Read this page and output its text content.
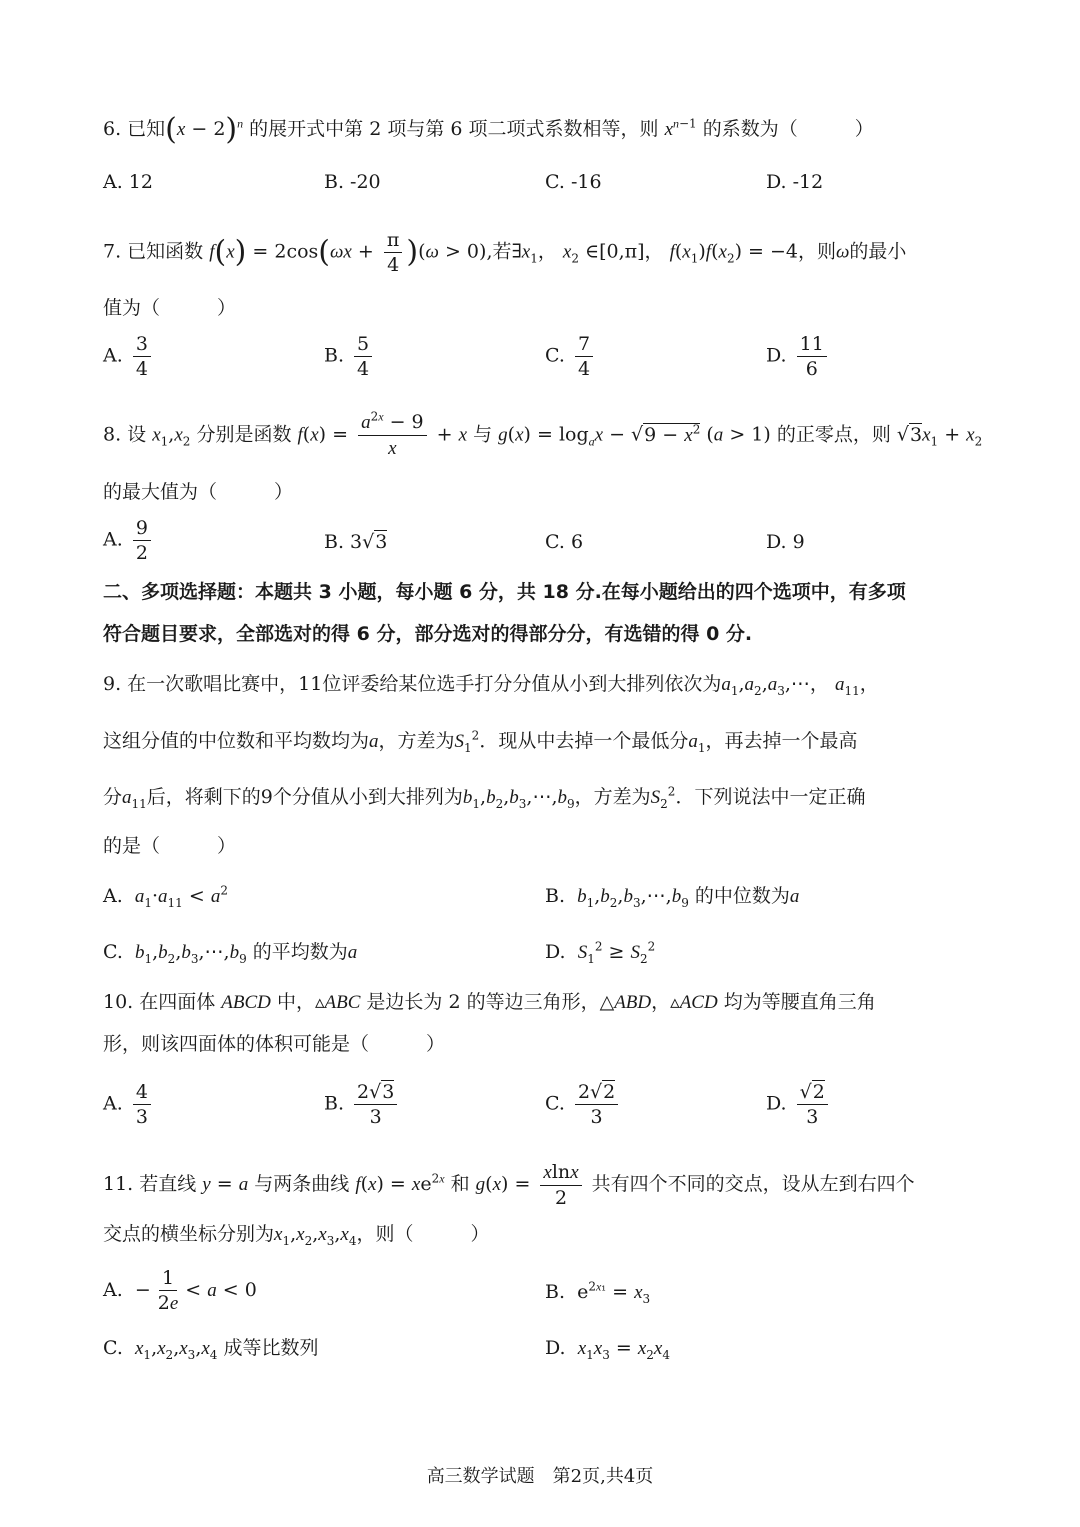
6. 已知$(x - 2)^n$ 的展开式中第 2 项与第 6 项二项式系数相等，则 $x^{n-1}$ 的系数为（　　　）
A. 12	B. -20	C. -16	D. -12
7. 已知函数 $f(x) = 2\cos(\omega x + \frac{\pi}{4} )(\omega > 0)$,若$\exists x_1$， $x_2$ ∈[0,π]， $f(x_1)f(x_2) = -4$，则ω的最小
值为（　　　）
A. $\frac{3}{4}$	B. $\frac{5}{4}$	C. $\frac{7}{4}$	D. $\frac{11}{6}$
8. 设 $x_1,x_2$ 分别是函数 $f(x) = \frac{a^{2x} - 9}{x} + x$ 与 $g(x) = \log_ax - √9 - x^2$ (a > 1) 的正零点，则 $√3x_1 + x_2$
的最大值为（　　　）
A. $\frac{9}{2}$	B. 3√3	C. 6	D. 9
二、多项选择题：本题共 3 小题，每小题 6 分，共 18 分.在每小题给出的四个选项中，有多项
符合题目要求，全部选对的得 6 分，部分选对的得部分分，有选错的得 0 分.
9. 在一次歌唱比赛中，11位评委给某位选手打分分值从小到大排列依次为$a_1,a_2,a_3,\cdots$， $a_{11}$，
这组分值的中位数和平均数均为a，方差为$S_1^2$．现从中去掉一个最低分$a_1$，再去掉一个最高
分$a_{11}$后，将剩下的9个分值从小到大排列为$b_1,b_2,b_3,\cdots,b_9$，方差为$S_2^2$．下列说法中一定正确
的是（　　　）
A.  $a_1\cdot a_{11} < a^2$	B.  $b_1,b_2,b_3,\cdots,b_9$ 的中位数为a
C.  $b_1,b_2,b_3,\cdots,b_9$ 的平均数为a	D.  $S_1^2 \ge S_2^2$
10. 在四面体 ABCD 中，▵ABC 是边长为 2 的等边三角形，△ABD，▵ACD 均为等腰直角三角
形，则该四面体的体积可能是（　　　）
A. $\frac{4}{3}$	B. $\frac{2√3}{3}$	C. $\frac{2√2}{3}$	D. $\frac{√2}{3}$
11. 若直线 y = a 与两条曲线 $f(x) = xe^{2x}$ 和 $g(x) = \frac{xlnx}{2}$ 共有四个不同的交点，设从左到右四个
交点的横坐标分别为$x_1,x_2,x_3,x_4$，则（　　　）
A.  − $\frac{1}{2e} < a < 0$	B.  $e^{2x_1} = x_3$
C.  $x_1,x_2,x_3,x_4$ 成等比数列	D.  $x_1x_3 = x_2x_4$
高三数学试题　第2页,共4页
